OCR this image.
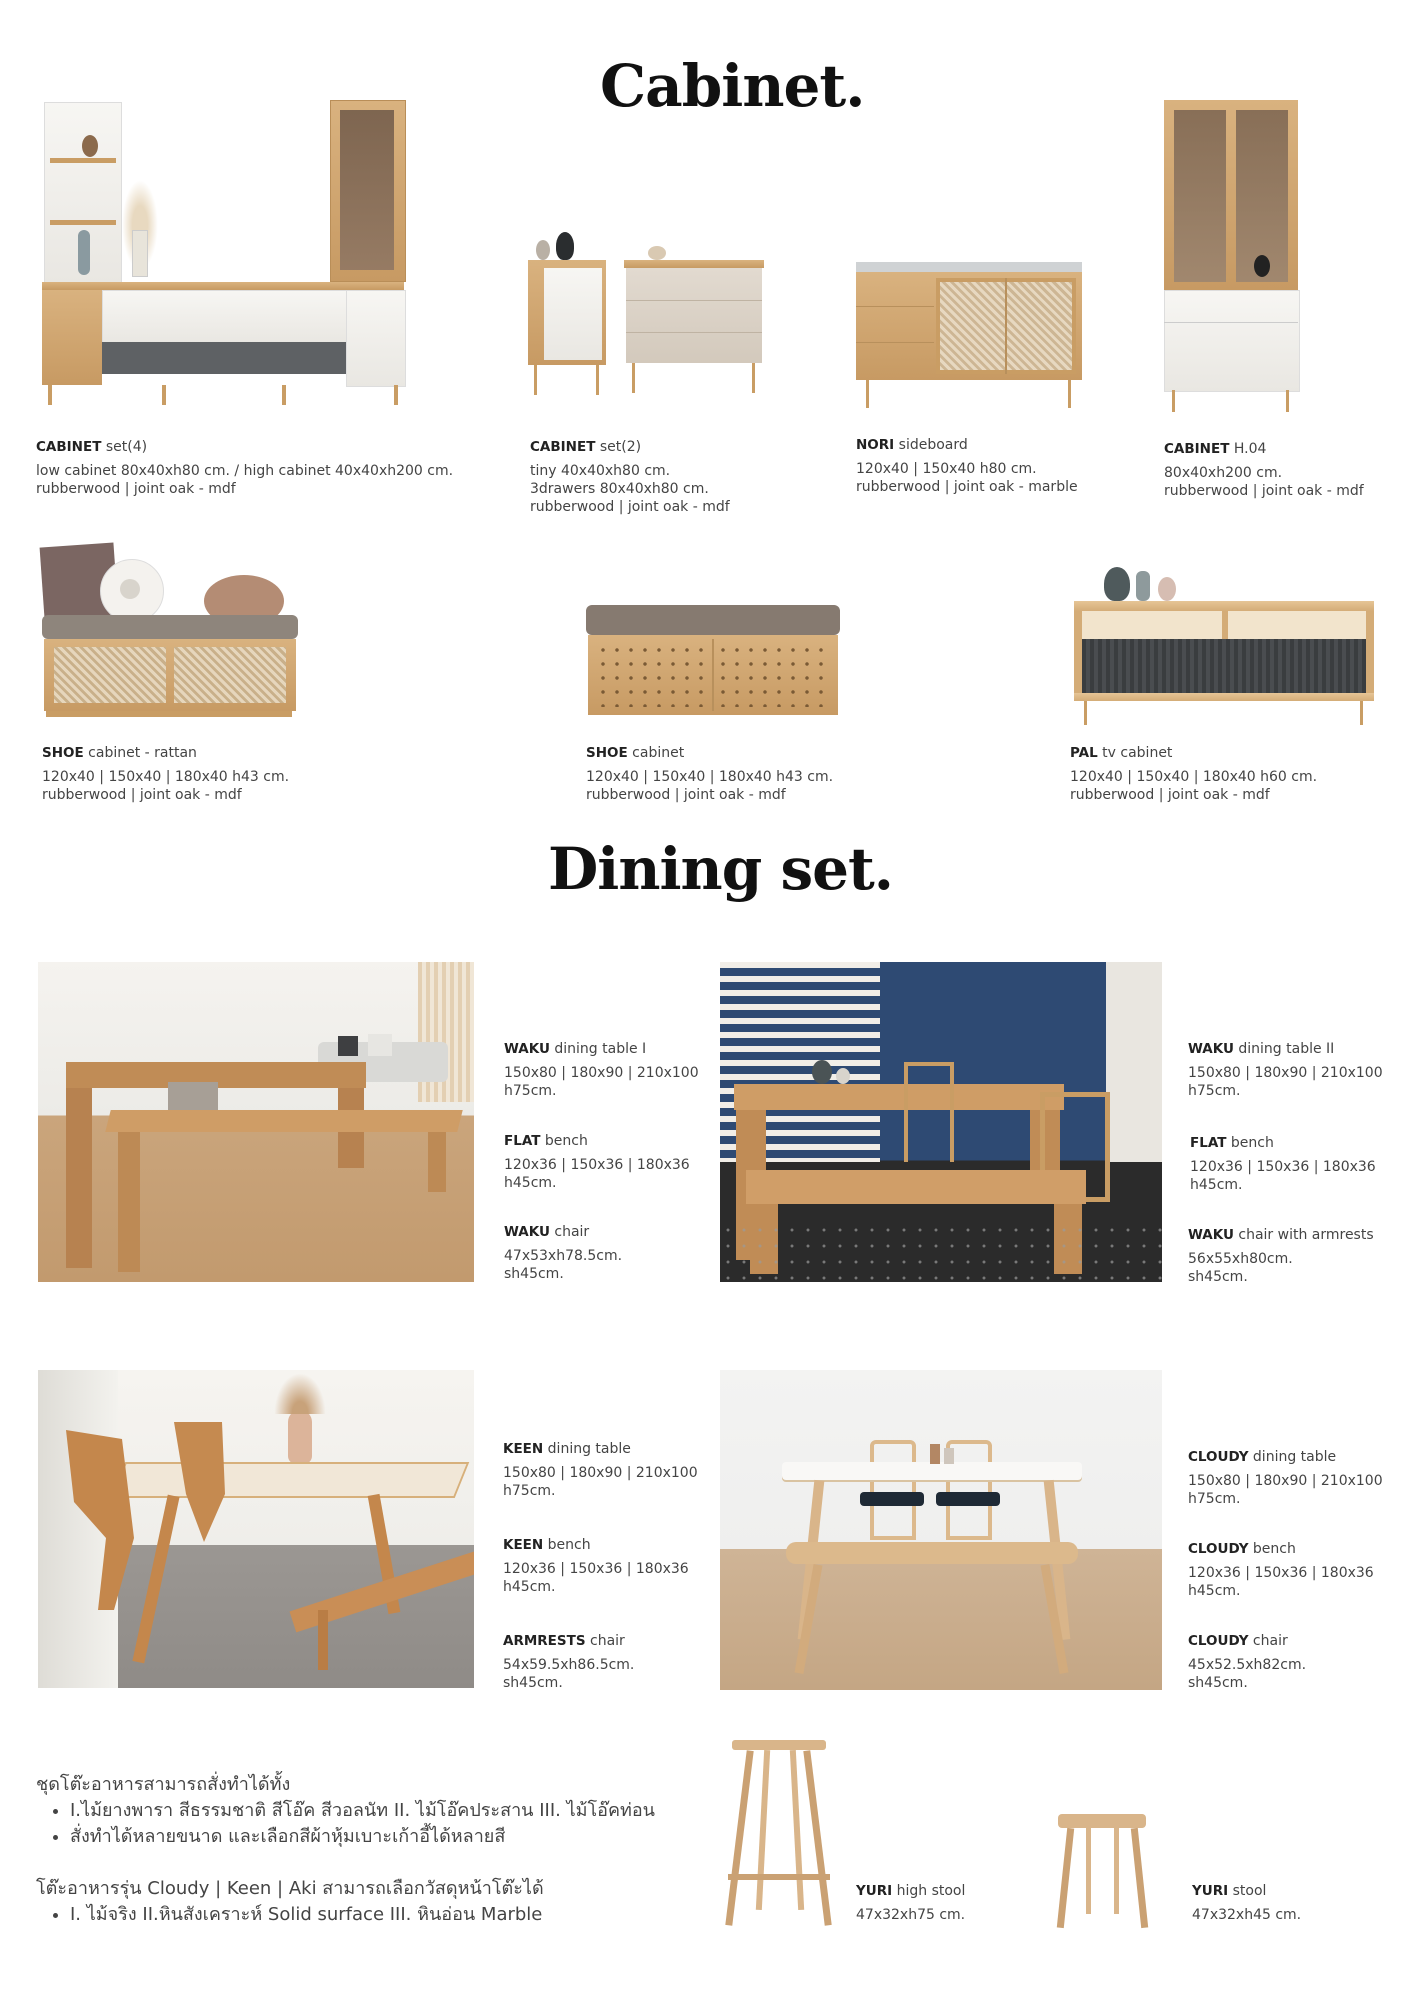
Cabinet.
Dining set.
CABINET set(4)
low cabinet 80x40xh80 cm. / high cabinet 40x40xh200 cm.
rubberwood | joint oak - mdf
CABINET set(2)
tiny 40x40xh80 cm.
3drawers 80x40xh80 cm.
rubberwood | joint oak - mdf
NORI sideboard
120x40 | 150x40 h80 cm.
rubberwood | joint oak - marble
CABINET H.04
80x40xh200 cm.
rubberwood | joint oak - mdf
SHOE cabinet - rattan
120x40 | 150x40 | 180x40 h43 cm.
rubberwood | joint oak - mdf
SHOE cabinet
120x40 | 150x40 | 180x40 h43 cm.
rubberwood | joint oak - mdf
PAL tv cabinet
120x40 | 150x40 | 180x40 h60 cm.
rubberwood | joint oak - mdf
WAKU dining table I
150x80 | 180x90 | 210x100
h75cm.
FLAT bench
120x36 | 150x36 | 180x36
h45cm.
WAKU chair
47x53xh78.5cm.
sh45cm.
WAKU dining table II
150x80 | 180x90 | 210x100
h75cm.
FLAT bench
120x36 | 150x36 | 180x36
h45cm.
WAKU chair with armrests
56x55xh80cm.
sh45cm.
KEEN dining table
150x80 | 180x90 | 210x100
h75cm.
KEEN bench
120x36 | 150x36 | 180x36
h45cm.
ARMRESTS chair
54x59.5xh86.5cm.
sh45cm.
CLOUDY dining table
150x80 | 180x90 | 210x100
h75cm.
CLOUDY bench
120x36 | 150x36 | 180x36
h45cm.
CLOUDY chair
45x52.5xh82cm.
sh45cm.
ชุดโต๊ะอาหารสามารถสั่งทำได้ทั้ง
• I.ไม้ยางพารา สีธรรมชาติ สีโอ๊ค สีวอลนัท II. ไม้โอ๊คประสาน III. ไม้โอ๊คท่อน
• สั่งทำได้หลายขนาด และเลือกสีผ้าหุ้มเบาะเก้าอี้ได้หลายสี
โต๊ะอาหารรุ่น Cloudy | Keen | Aki สามารถเลือกวัสดุหน้าโต๊ะได้
• I. ไม้จริง II.หินสังเคราะห์ Solid surface III. หินอ่อน Marble
YURI high stool
47x32xh75 cm.
YURI stool
47x32xh45 cm.
